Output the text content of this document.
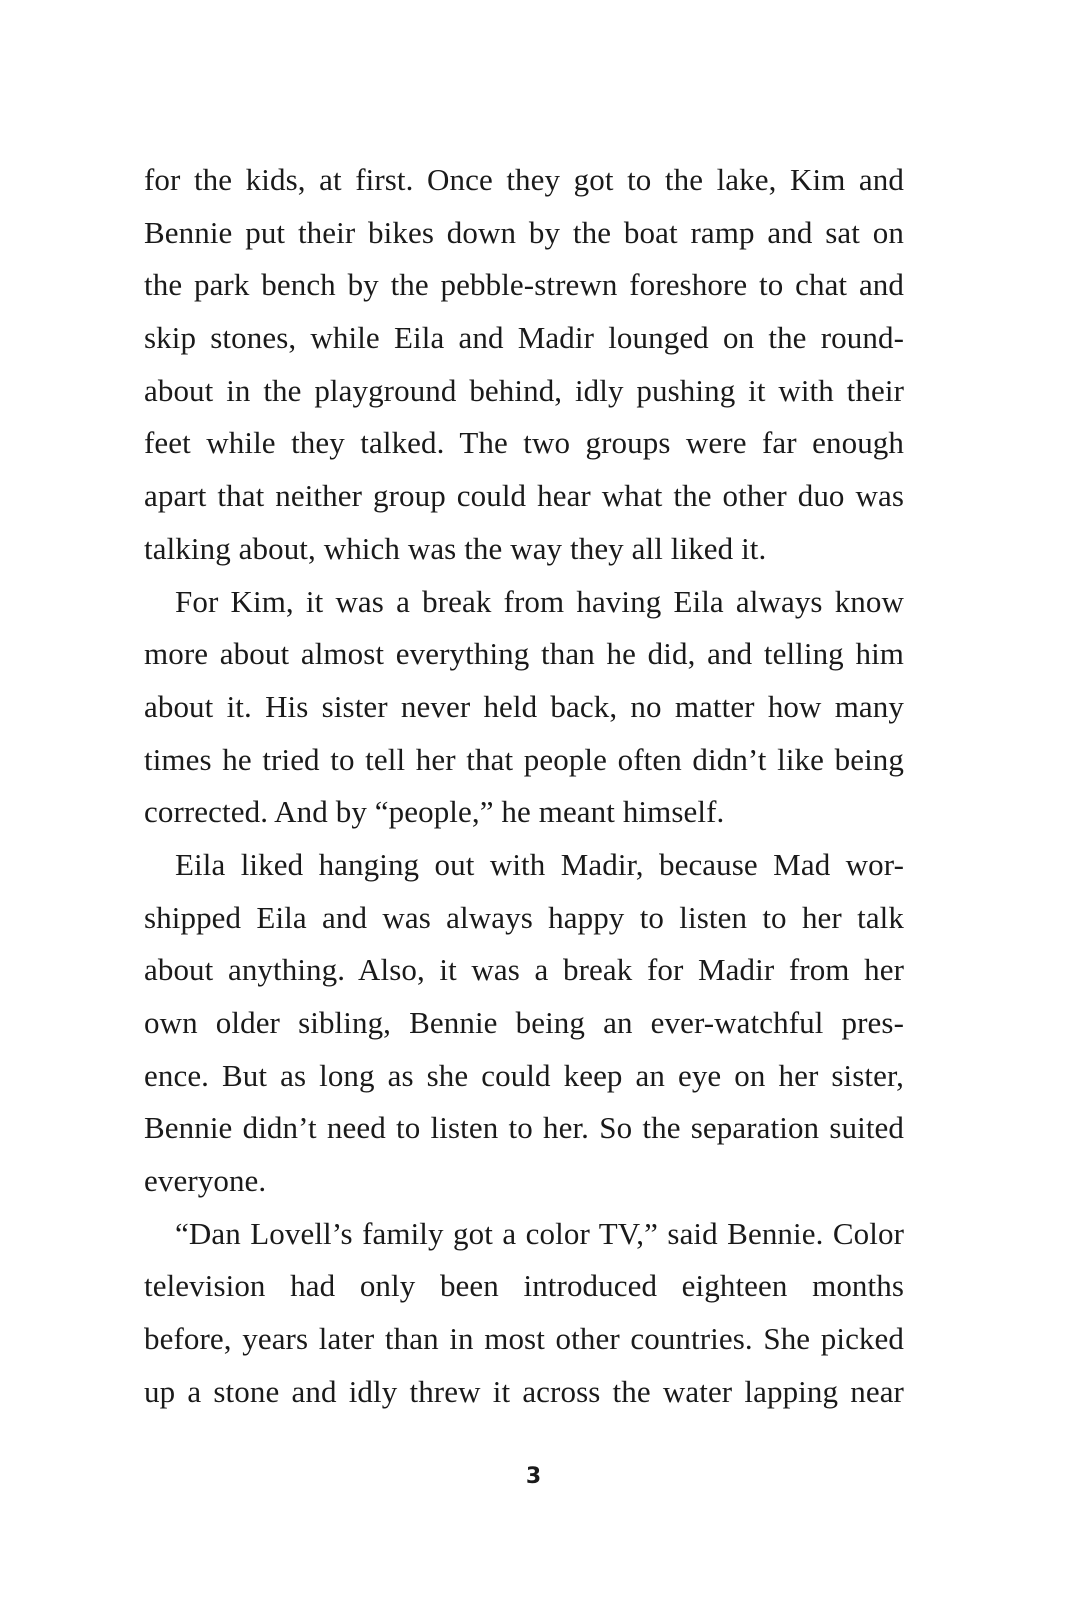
for the kids, at first. Once they got to the lake, Kim and
Bennie put their bikes down by the boat ramp and sat on
the park bench by the pebble-strewn foreshore to chat and
skip stones, while Eila and Madir lounged on the round-
about in the playground behind, idly pushing it with their
feet while they talked. The two groups were far enough
apart that neither group could hear what the other duo was
talking about, which was the way they all liked it.
For Kim, it was a break from having Eila always know
more about almost everything than he did, and telling him
about it. His sister never held back, no matter how many
times he tried to tell her that people often didn’t like being
corrected. And by “people,” he meant himself.
Eila liked hanging out with Madir, because Mad wor-
shipped Eila and was always happy to listen to her talk
about anything. Also, it was a break for Madir from her
own older sibling, Bennie being an ever-watchful pres-
ence. But as long as she could keep an eye on her sister,
Bennie didn’t need to listen to her. So the separation suited
everyone.
“Dan Lovell’s family got a color TV,” said Bennie. Color
television had only been introduced eighteen months
before, years later than in most other countries. She picked
up a stone and idly threw it across the water lapping near
3
